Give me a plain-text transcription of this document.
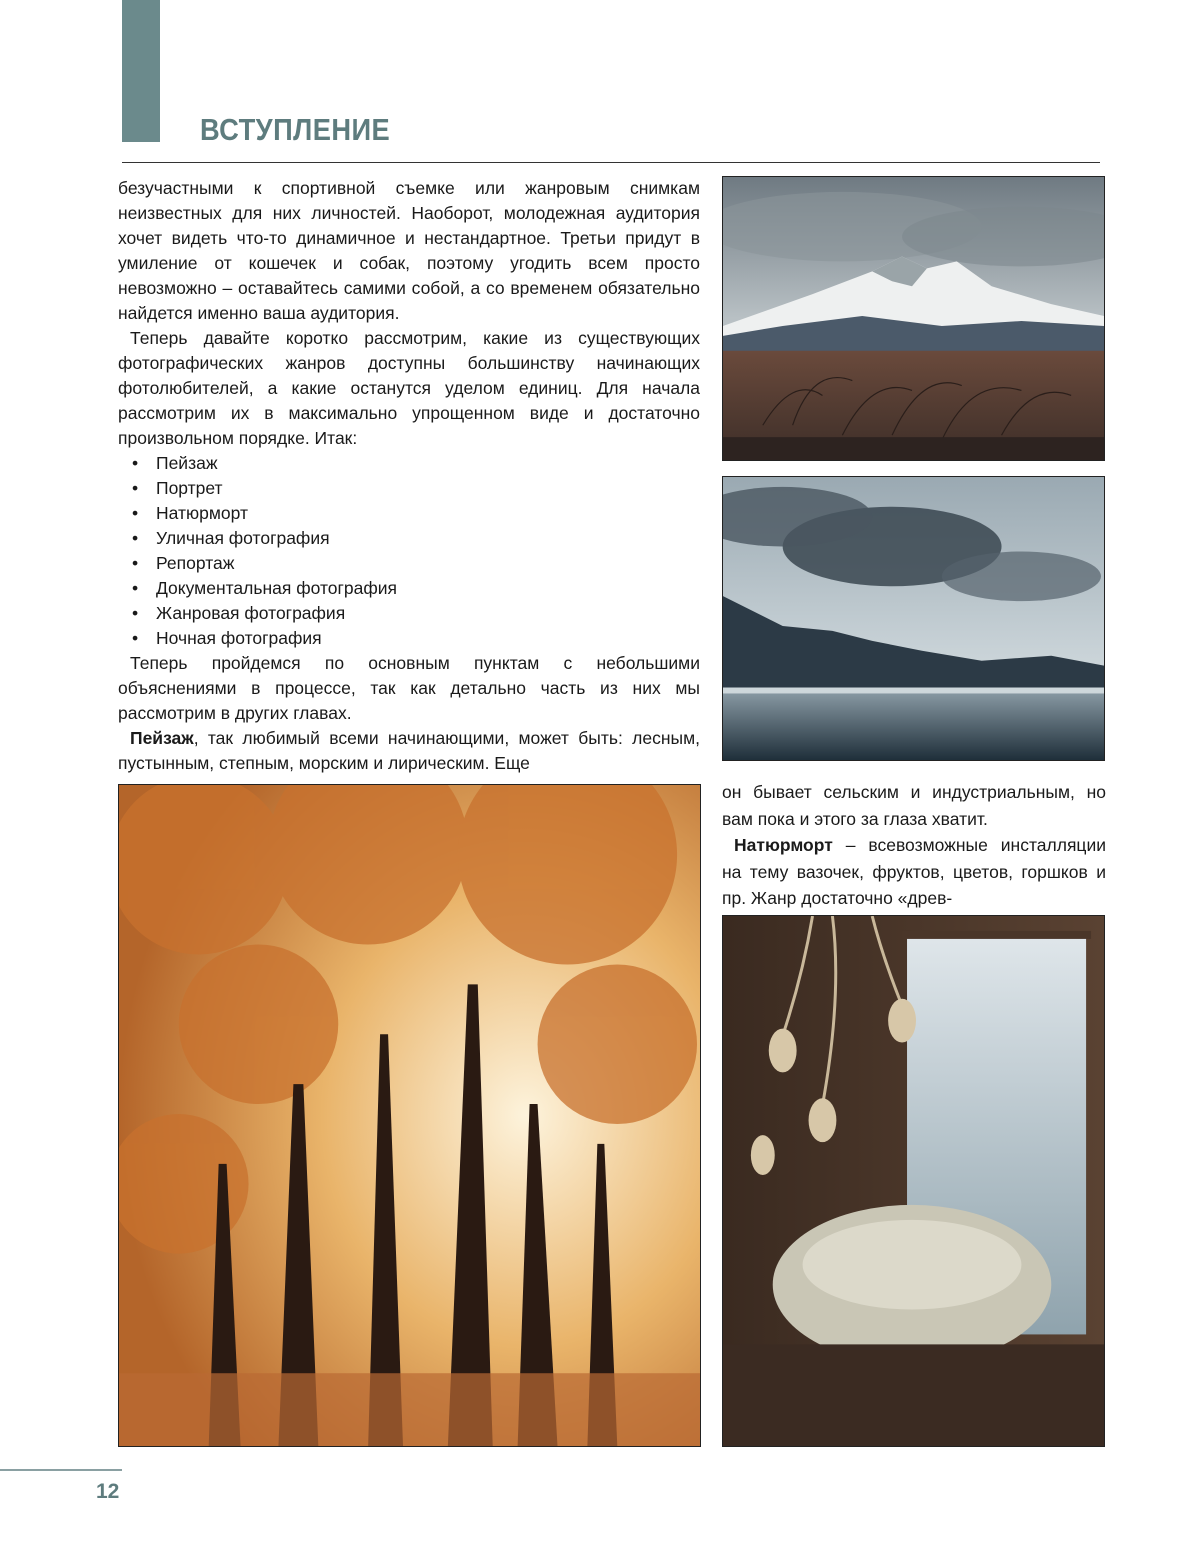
ВСТУПЛЕНИЕ

безучастными к спортивной съемке или жанровым снимкам неизвестных для них личностей. Наоборот, молодежная аудитория хочет видеть что-то динамичное и нестандартное. Третьи придут в умиление от кошечек и собак, поэтому угодить всем просто невозможно – оставайтесь самими собой, а со временем обязательно найдется именно ваша аудитория.

Теперь давайте коротко рассмотрим, какие из существующих фотографических жанров доступны большинству начинающих фотолюбителей, а какие останутся уделом единиц. Для начала рассмотрим их в максимально упрощенном виде и достаточно произвольном порядке. Итак:

• Пейзаж
• Портрет
• Натюрморт
• Уличная фотография
• Репортаж
• Документальная фотография
• Жанровая фотография
• Ночная фотография

Теперь пройдемся по основным пунктам с небольшими объяснениями в процессе, так как детально часть из них мы рассмотрим в других главах.

Пейзаж, так любимый всеми начинающими, может быть: лесным, пустынным, степным, морским и лирическим. Еще

он бывает сельским и индустриальным, но вам пока и этого за глаза хватит.

Натюрморт – всевозможные инсталляции на тему вазочек, фруктов, цветов, горшков и пр. Жанр достаточно «древ-

12
